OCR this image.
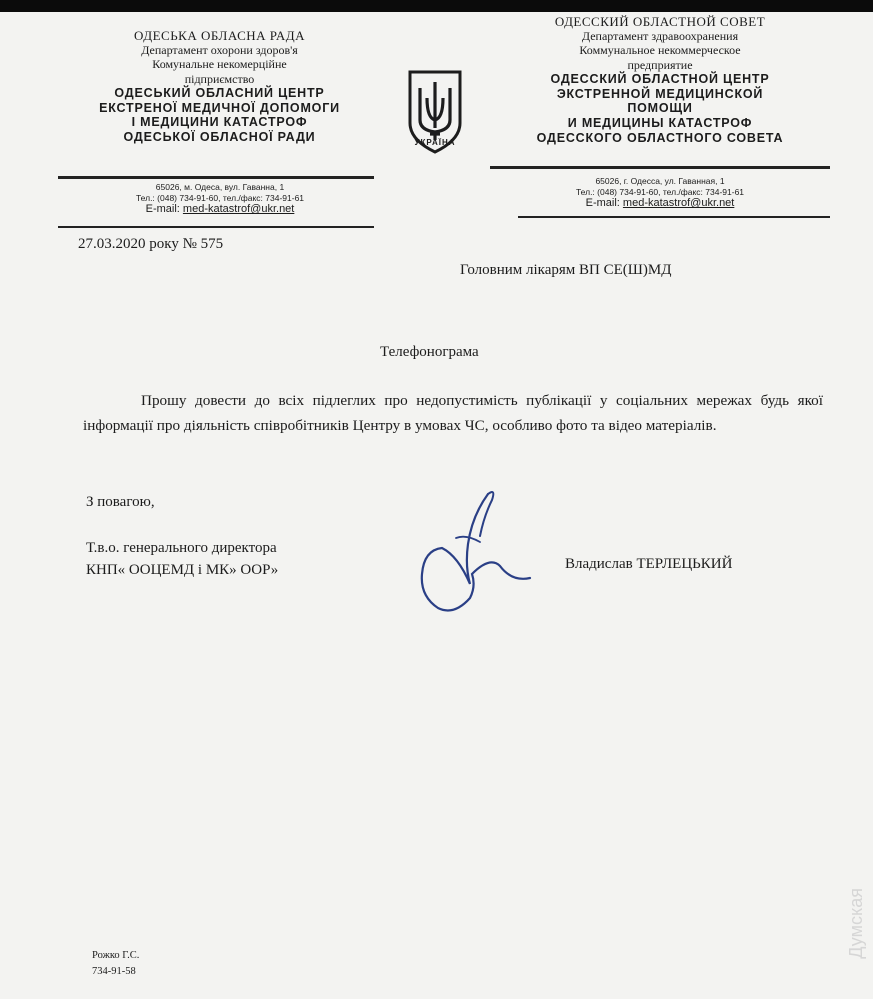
ОДЕСЬКА ОБЛАСНА РАДА
Департамент охорони здоров'я
Комунальне некомерційне
підприємство
ОДЕСЬКИЙ ОБЛАСНИЙ ЦЕНТР
ЕКСТРЕНОЇ МЕДИЧНОЇ ДОПОМОГИ
І МЕДИЦИНИ КАТАСТРОФ
ОДЕСЬКОЇ ОБЛАСНОЇ РАДИ
65026, м. Одеса, вул. Гаванна, 1
Тел.: (048) 734-91-60, тел./факс: 734-91-61
E-mail: med-katastrof@ukr.net
УКРАЇНА
ОДЕССКИЙ ОБЛАСТНОЙ СОВЕТ
Департамент здравоохранения
Коммунальное некоммерческое
предприятие
ОДЕССКИЙ ОБЛАСТНОЙ ЦЕНТР
ЭКСТРЕННОЙ МЕДИЦИНСКОЙ
ПОМОЩИ
И МЕДИЦИНЫ КАТАСТРОФ
ОДЕССКОГО ОБЛАСТНОГО СОВЕТА
65026, г. Одесса, ул. Гаванная, 1
Тел.: (048) 734-91-60, тел./факс: 734-91-61
E-mail: med-katastrof@ukr.net
27.03.2020 року № 575
Головним лікарям ВП СЕ(Ш)МД
Телефонограма
Прошу довести до всіх підлеглих про недопустимість публікації у соціальних мережах будь якої інформації про діяльність співробітників Центру в умовах ЧС, особливо фото та відео матеріалів.
З повагою,
Т.в.о. генерального директора
КНП« ООЦЕМД і МК» ООР»	Владислав ТЕРЛЕЦЬКИЙ
Рожко Г.С.
734-91-58
Думская
